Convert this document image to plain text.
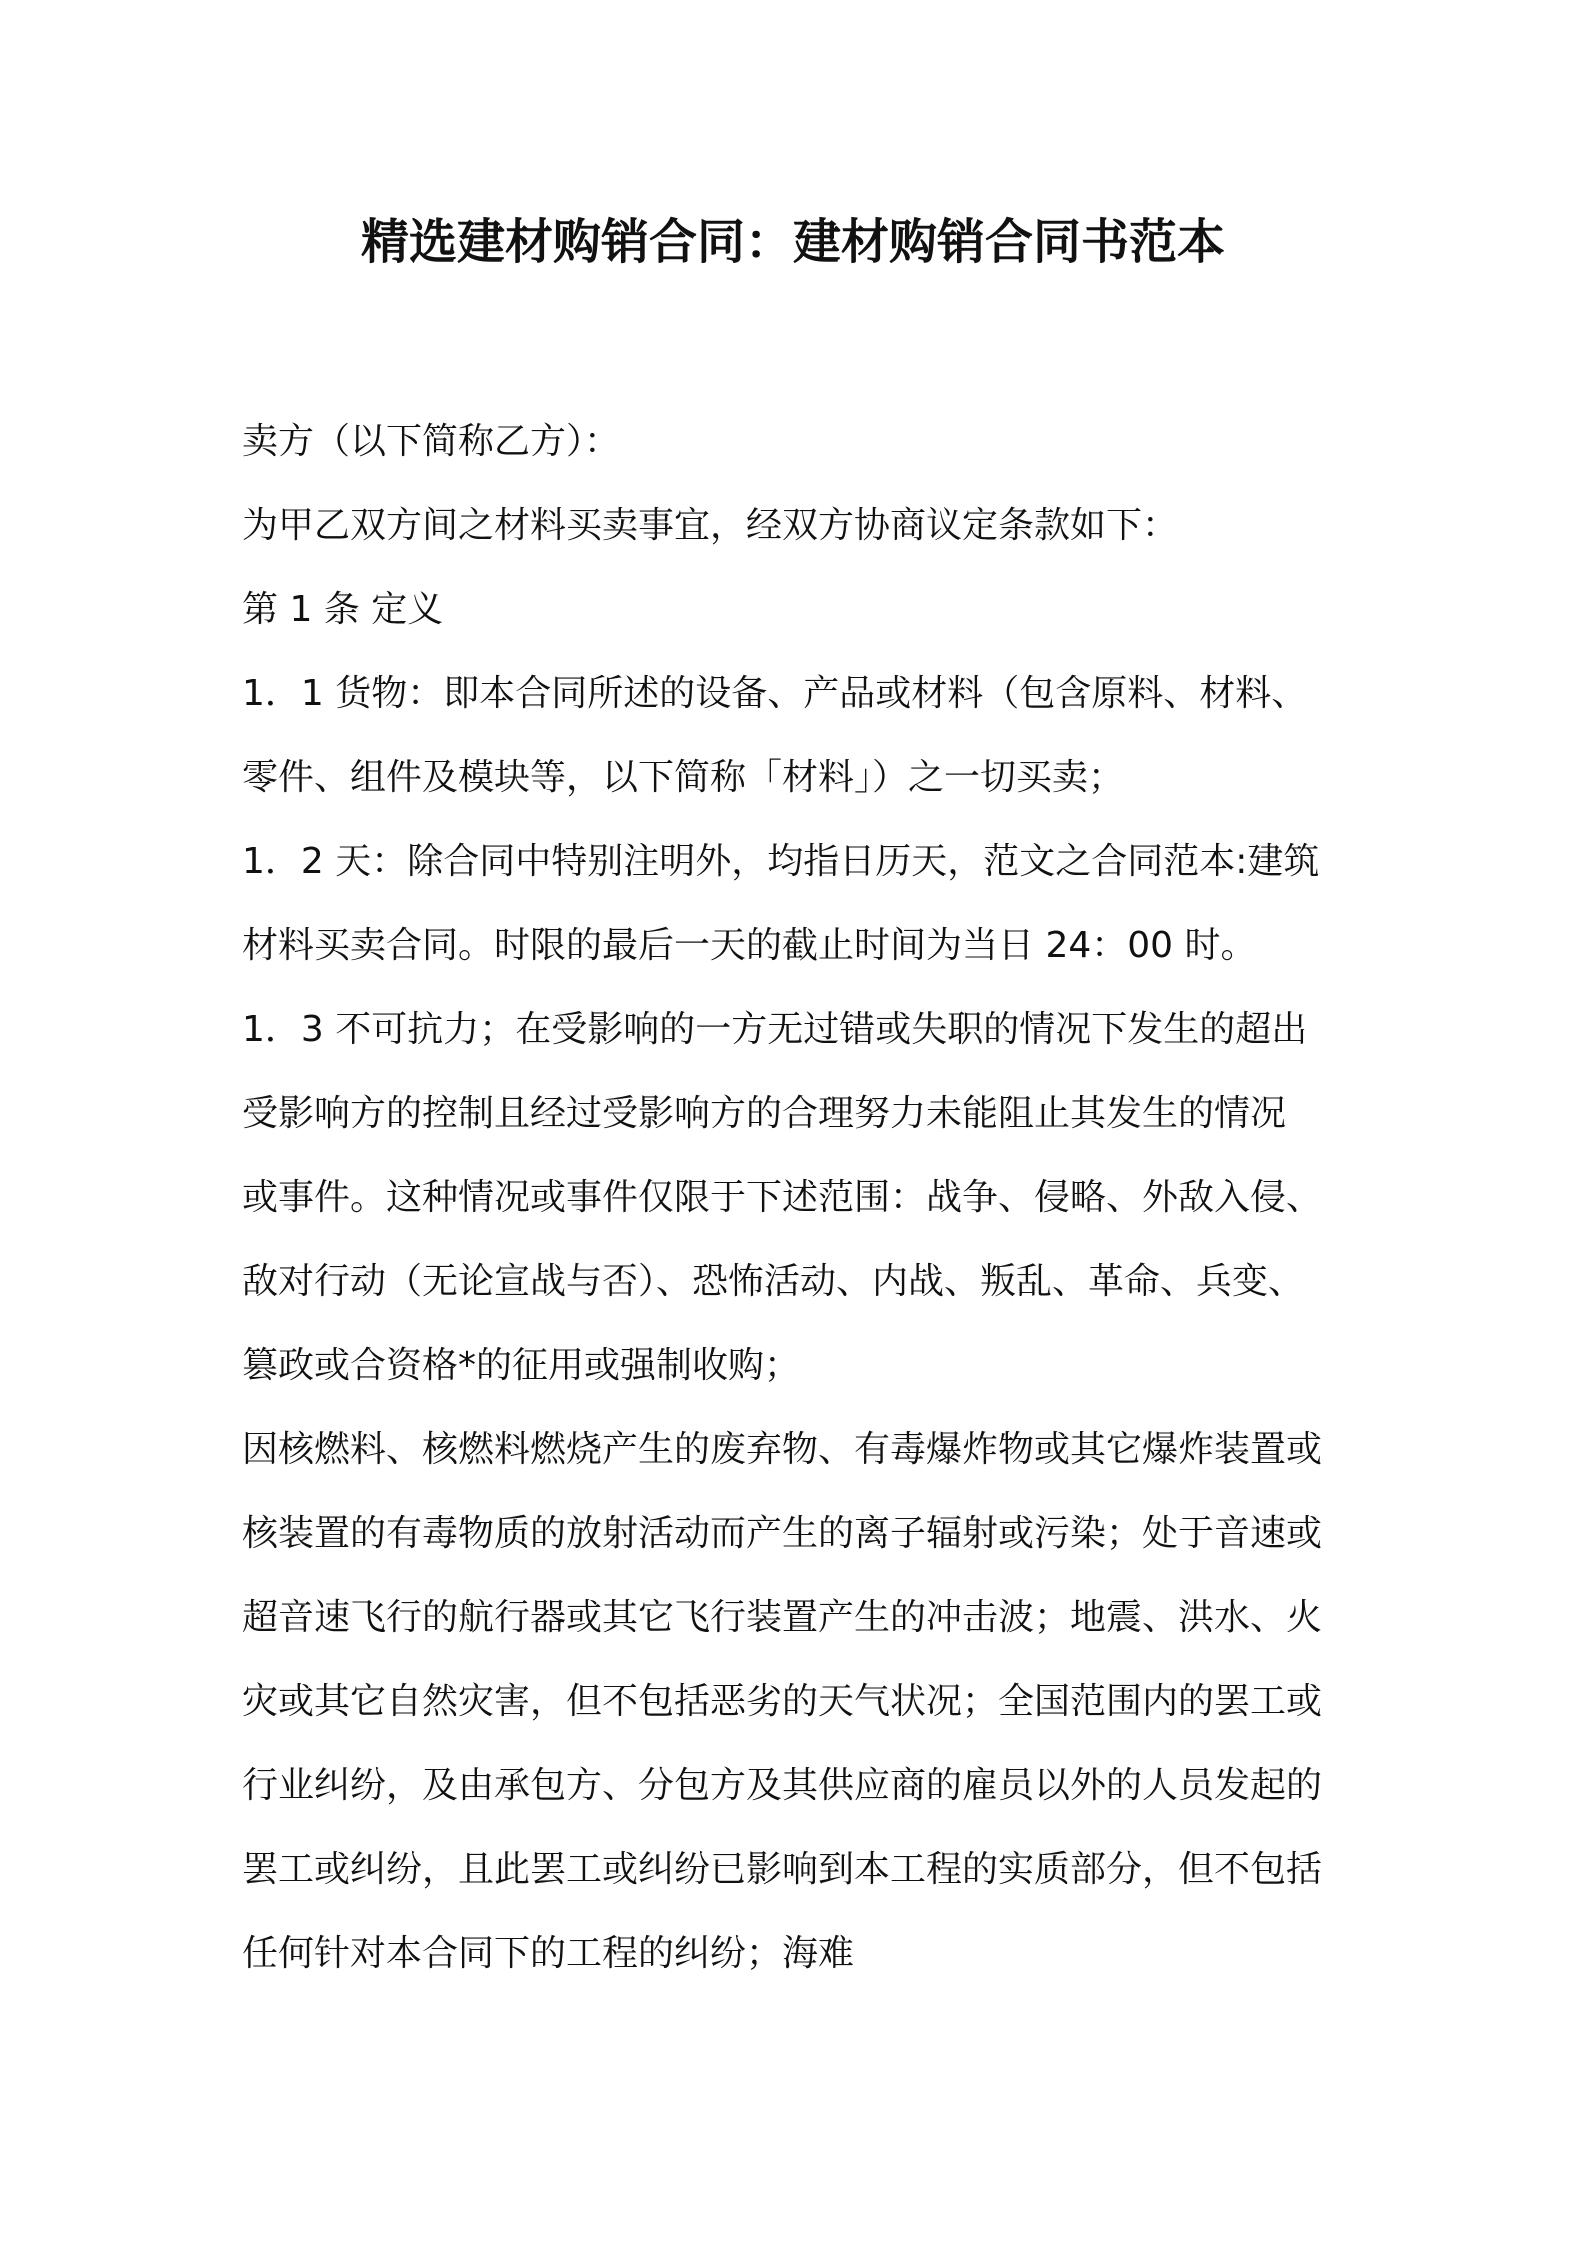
精选建材购销合同：建材购销合同书范本
卖方（以下简称乙方）：
为甲乙双方间之材料买卖事宜，经双方协商议定条款如下：
第 1 条 定义
1．1 货物：即本合同所述的设备、产品或材料（包含原料、材料、
零件、组件及模块等，以下简称「材料」）之一切买卖；
1．2 天：除合同中特别注明外，均指日历天，范文之合同范本:建筑
材料买卖合同。时限的最后一天的截止时间为当日 24：00 时。
1．3 不可抗力；在受影响的一方无过错或失职的情况下发生的超出
受影响方的控制且经过受影响方的合理努力未能阻止其发生的情况
或事件。这种情况或事件仅限于下述范围：战争、侵略、外敌入侵、
敌对行动（无论宣战与否）、恐怖活动、内战、叛乱、革命、兵变、
篡政或合资格*的征用或强制收购；
因核燃料、核燃料燃烧产生的废弃物、有毒爆炸物或其它爆炸装置或
核装置的有毒物质的放射活动而产生的离子辐射或污染；处于音速或
超音速飞行的航行器或其它飞行装置产生的冲击波；地震、洪水、火
灾或其它自然灾害，但不包括恶劣的天气状况；全国范围内的罢工或
行业纠纷，及由承包方、分包方及其供应商的雇员以外的人员发起的
罢工或纠纷，且此罢工或纠纷已影响到本工程的实质部分，但不包括
任何针对本合同下的工程的纠纷；海难
